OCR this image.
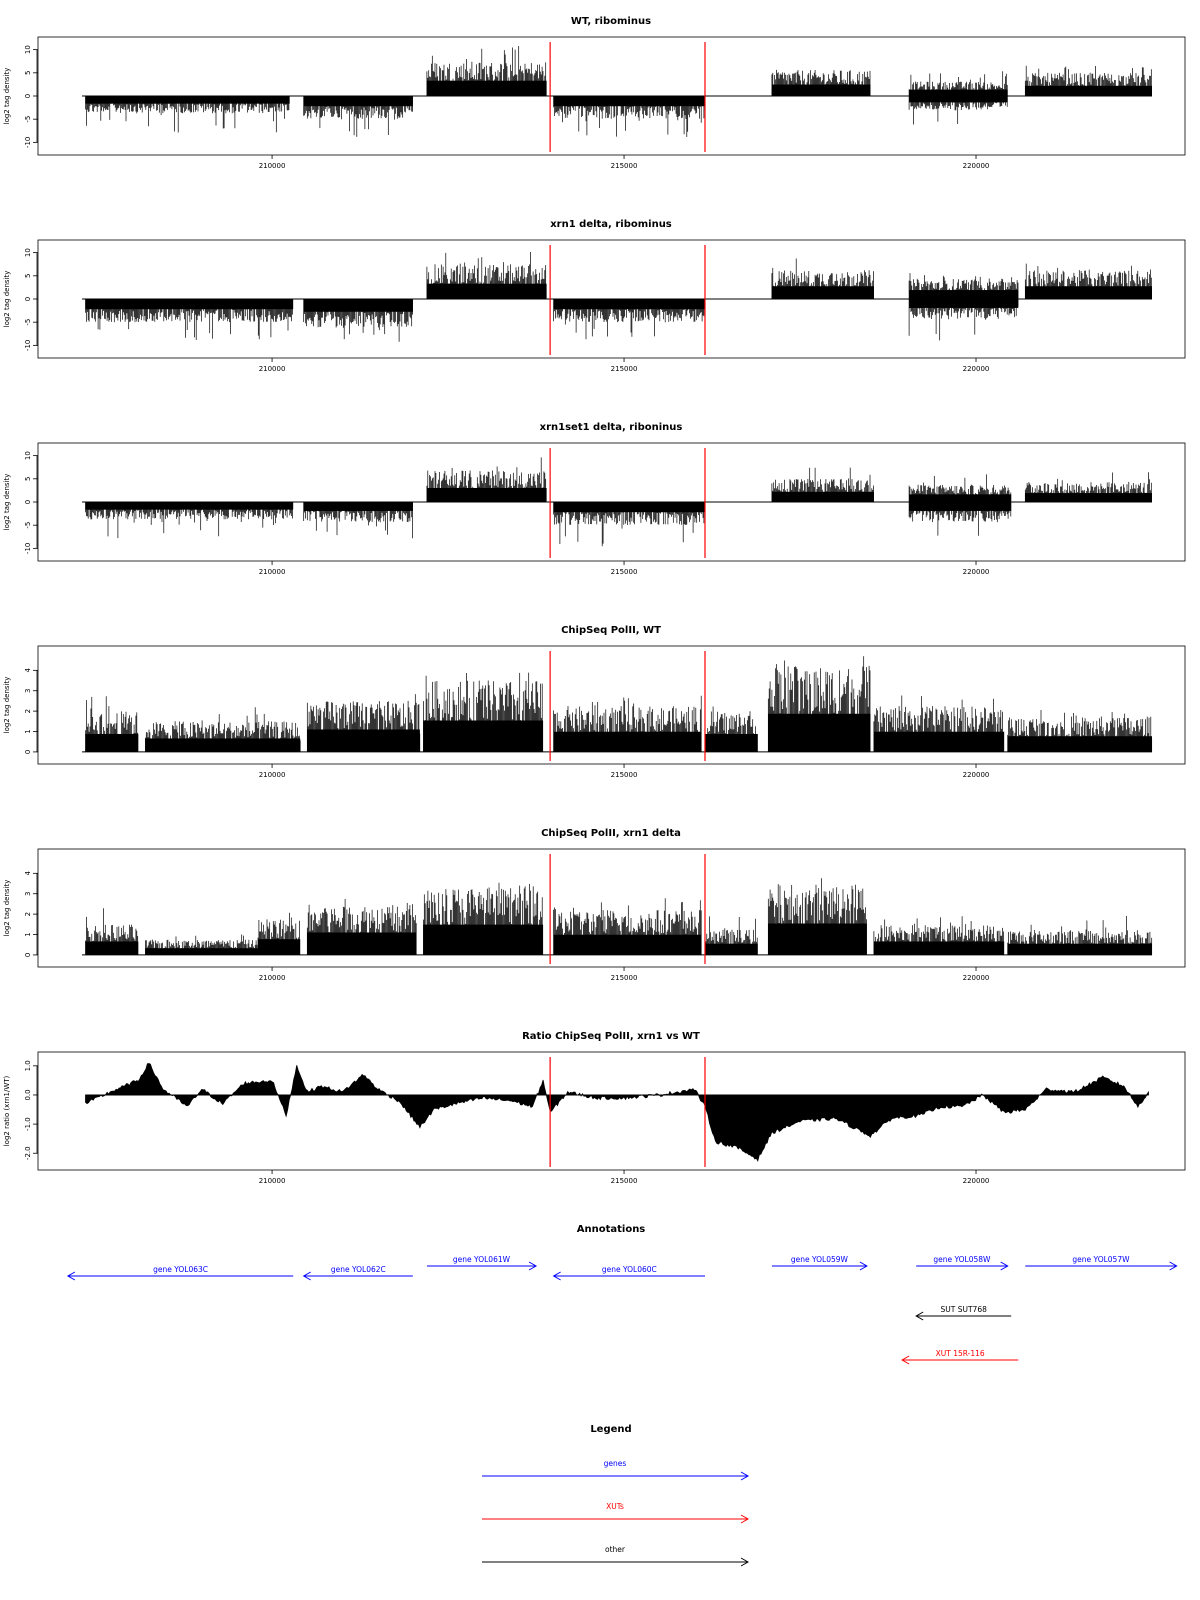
WT, ribominus
log2 tag density
-10
-5
0
5
10
210000	215000	220000
xrn1 delta, ribominus
log2 tag density
-10
-5
0
5
10
210000	215000	220000
xrn1set1 delta, riboninus
log2 tag density
-10
-5
0
5
10
210000	215000	220000
ChipSeq PolII, WT
log2 tag density
0
1
2
3
4
210000	215000	220000
ChipSeq PolII, xrn1 delta
log2 tag density
0
1
2
3
4
210000	215000	220000
Ratio ChipSeq PolII, xrn1 vs WT
log2 ratio (xrn1/WT)
-2.0
-1.0
0.0
1.0
210000	215000	220000
Annotations
gene YOL063C	gene YOL062C
gene YOL061W
gene YOL060C
gene YOL059W	gene YOL058W	gene YOL057W
SUT SUT768
XUT 15R-116
Legend
genes
XUTs
other
